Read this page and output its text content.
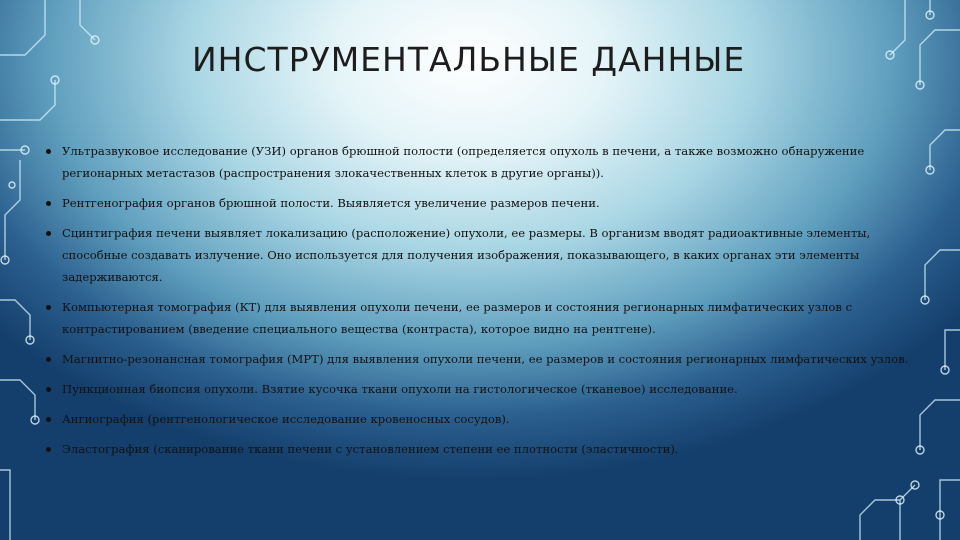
ИНСТРУМЕНТАЛЬНЫЕ ДАННЫЕ
Ультразвуковое исследование (УЗИ) органов брюшной полости (определяется опухоль в печени, а также возможно обнаружение регионарных метастазов (распространения злокачественных клеток в другие органы)).
Рентгенография органов брюшной полости. Выявляется увеличение размеров печени.
Сцинтиграфия печени выявляет локализацию (расположение) опухоли, ее размеры. В организм вводят радиоактивные элементы, способные создавать излучение. Оно используется для получения изображения, показывающего, в каких органах эти элементы задерживаются.
Компьютерная томография (КТ) для выявления опухоли печени, ее размеров и состояния регионарных лимфатических узлов с контрастированием (введение специального вещества (контраста), которое видно на рентгене).
Магнитно-резонансная томография (МРТ) для выявления опухоли печени, ее размеров и состояния регионарных лимфатических узлов.
Пункционная биопсия опухоли. Взятие кусочка ткани опухоли на гистологическое (тканевое) исследование.
Ангиография (рентгенологическое исследование кровеносных сосудов).
Эластография (сканирование ткани печени с установлением степени ее плотности (эластичности).
